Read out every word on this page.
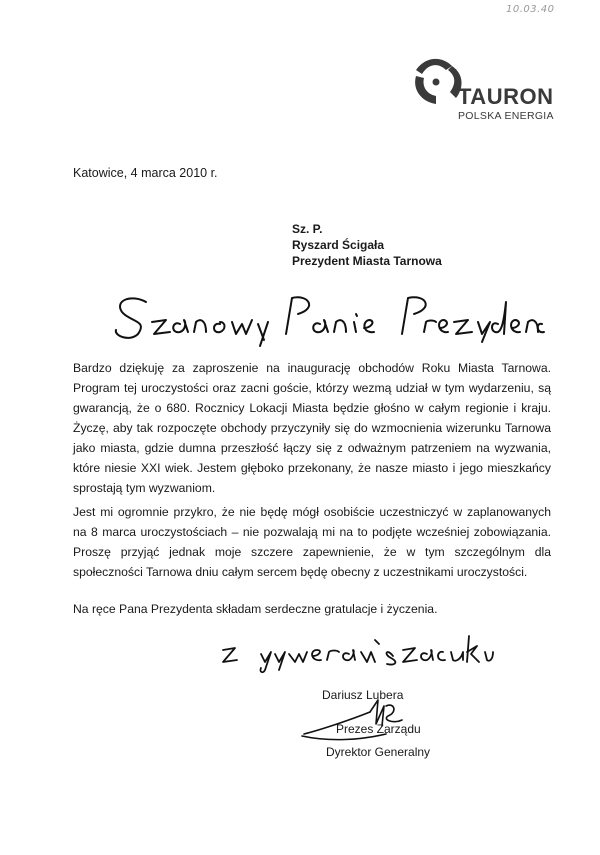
10.03.40
TAURON
POLSKA ENERGIA
Katowice, 4 marca 2010 r.
Sz. P.
Ryszard Ścigała
Prezydent Miasta Tarnowa
Bardzo dziękuję za zaproszenie na inaugurację obchodów Roku Miasta Tarnowa. Program tej uroczystości oraz zacni goście, którzy wezmą udział w tym wydarzeniu, są gwarancją, że o 680. Rocznicy Lokacji Miasta będzie głośno w całym regionie i kraju. Życzę, aby tak rozpoczęte obchody przyczyniły się do wzmocnienia wizerunku Tarnowa jako miasta, gdzie dumna przeszłość łączy się z odważnym patrzeniem na wyzwania, które niesie XXI wiek. Jestem głęboko przekonany, że nasze miasto i jego mieszkańcy sprostają tym wyzwaniom.
Jest mi ogromnie przykro, że nie będę mógł osobiście uczestniczyć w zaplanowanych na 8 marca uroczystościach – nie pozwalają mi na to podjęte wcześniej zobowiązania. Proszę przyjąć jednak moje szczere zapewnienie, że w tym szczególnym dla społeczności Tarnowa dniu całym sercem będę obecny z uczestnikami uroczystości.
Na ręce Pana Prezydenta składam serdeczne gratulacje i życzenia.
Dariusz Lubera
Prezes Zarządu
Dyrektor Generalny
